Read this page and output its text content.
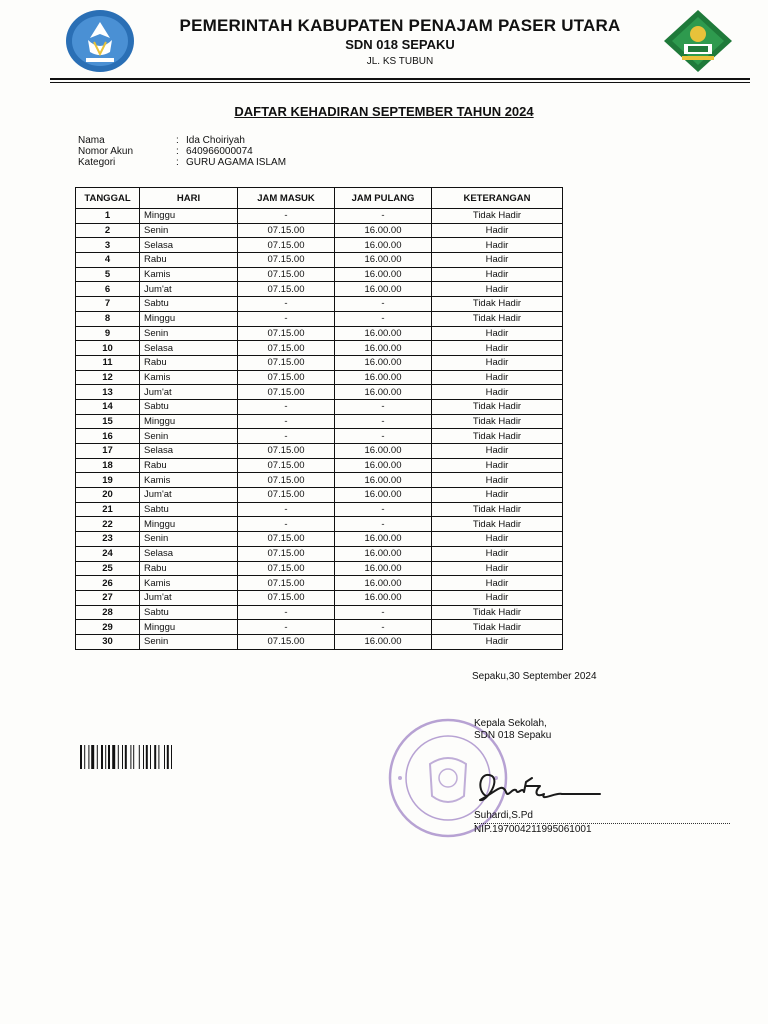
PEMERINTAH KABUPATEN PENAJAM PASER UTARA
SDN 018 SEPAKU
JL. KS TUBUN
DAFTAR KEHADIRAN SEPTEMBER TAHUN 2024
Nama	: Ida Choiriyah
Nomor Akun	: 640966000074
Kategori	: GURU AGAMA ISLAM
TANGGAL	HARI	JAM MASUK	JAM PULANG	KETERANGAN
1	Minggu	-	-	Tidak Hadir
2	Senin	07.15.00	16.00.00	Hadir
3	Selasa	07.15.00	16.00.00	Hadir
4	Rabu	07.15.00	16.00.00	Hadir
5	Kamis	07.15.00	16.00.00	Hadir
6	Jum'at	07.15.00	16.00.00	Hadir
7	Sabtu	-	-	Tidak Hadir
8	Minggu	-	-	Tidak Hadir
9	Senin	07.15.00	16.00.00	Hadir
10	Selasa	07.15.00	16.00.00	Hadir
11	Rabu	07.15.00	16.00.00	Hadir
12	Kamis	07.15.00	16.00.00	Hadir
13	Jum'at	07.15.00	16.00.00	Hadir
14	Sabtu	-	-	Tidak Hadir
15	Minggu	-	-	Tidak Hadir
16	Senin	-	-	Tidak Hadir
17	Selasa	07.15.00	16.00.00	Hadir
18	Rabu	07.15.00	16.00.00	Hadir
19	Kamis	07.15.00	16.00.00	Hadir
20	Jum'at	07.15.00	16.00.00	Hadir
21	Sabtu	-	-	Tidak Hadir
22	Minggu	-	-	Tidak Hadir
23	Senin	07.15.00	16.00.00	Hadir
24	Selasa	07.15.00	16.00.00	Hadir
25	Rabu	07.15.00	16.00.00	Hadir
26	Kamis	07.15.00	16.00.00	Hadir
27	Jum'at	07.15.00	16.00.00	Hadir
28	Sabtu	-	-	Tidak Hadir
29	Minggu	-	-	Tidak Hadir
30	Senin	07.15.00	16.00.00	Hadir
Sepaku,30 September 2024
Kepala Sekolah,
SDN 018 Sepaku
Suhardi,S.Pd
NIP.197004211995061001
